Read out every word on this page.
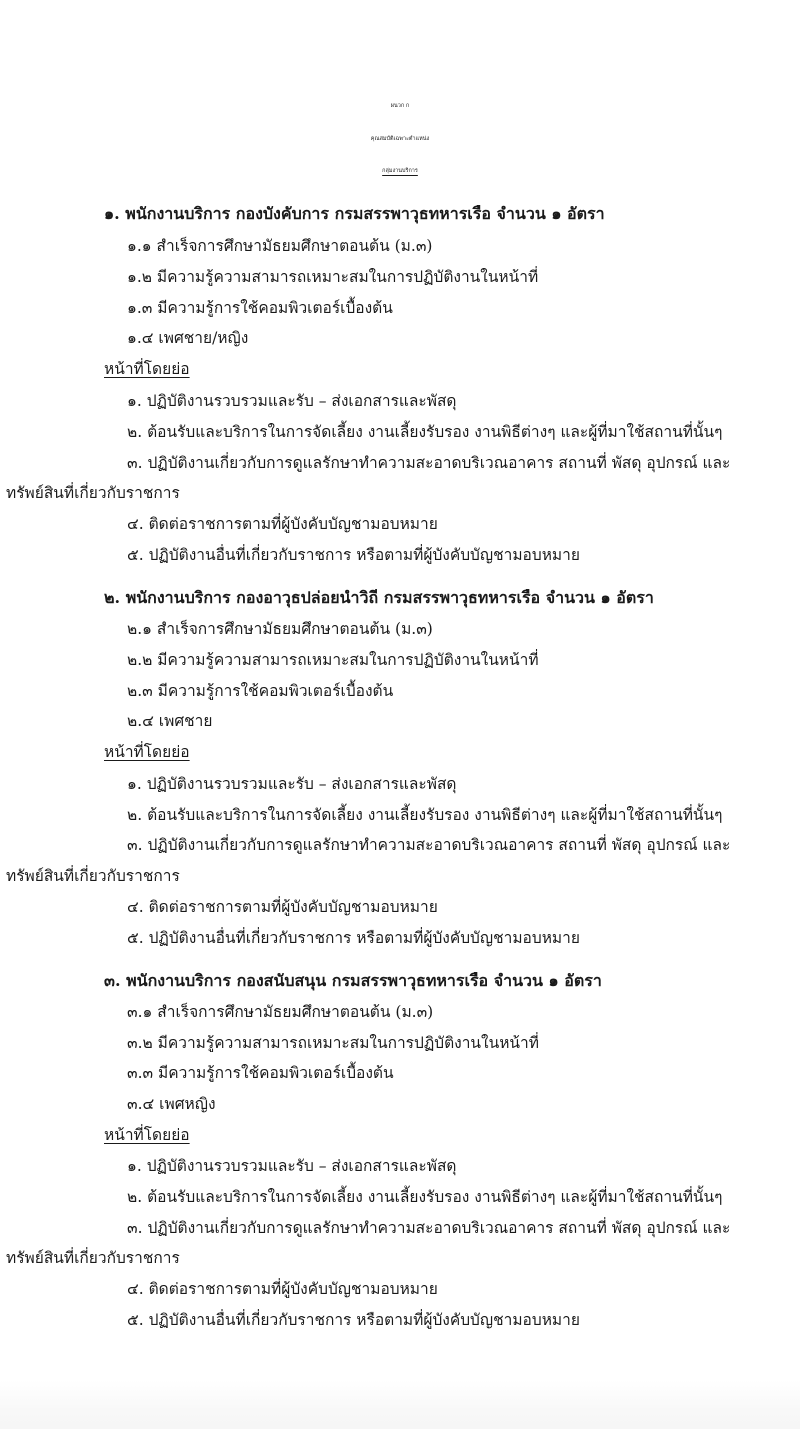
ผนวก ก
คุณสมบัติเฉพาะตำแหน่ง
กลุ่มงานบริการ
๑. พนักงานบริการ กองบังคับการ กรมสรรพาวุธทหารเรือ จำนวน ๑ อัตรา
๑.๑ สำเร็จการศึกษามัธยมศึกษาตอนต้น (ม.๓)
๑.๒ มีความรู้ความสามารถเหมาะสมในการปฏิบัติงานในหน้าที่
๑.๓ มีความรู้การใช้คอมพิวเตอร์เบื้องต้น
๑.๔ เพศชาย/หญิง
หน้าที่โดยย่อ
๑. ปฏิบัติงานรวบรวมและรับ – ส่งเอกสารและพัสดุ
๒. ต้อนรับและบริการในการจัดเลี้ยง งานเลี้ยงรับรอง งานพิธีต่างๆ และผู้ที่มาใช้สถานที่นั้นๆ
๓. ปฏิบัติงานเกี่ยวกับการดูแลรักษาทำความสะอาดบริเวณอาคาร สถานที่ พัสดุ อุปกรณ์ และ
ทรัพย์สินที่เกี่ยวกับราชการ
๔. ติดต่อราชการตามที่ผู้บังคับบัญชามอบหมาย
๕. ปฏิบัติงานอื่นที่เกี่ยวกับราชการ หรือตามที่ผู้บังคับบัญชามอบหมาย
๒. พนักงานบริการ กองอาวุธปล่อยนำวิถี กรมสรรพาวุธทหารเรือ จำนวน ๑ อัตรา
๒.๑ สำเร็จการศึกษามัธยมศึกษาตอนต้น (ม.๓)
๒.๒ มีความรู้ความสามารถเหมาะสมในการปฏิบัติงานในหน้าที่
๒.๓ มีความรู้การใช้คอมพิวเตอร์เบื้องต้น
๒.๔ เพศชาย
หน้าที่โดยย่อ
๑. ปฏิบัติงานรวบรวมและรับ – ส่งเอกสารและพัสดุ
๒. ต้อนรับและบริการในการจัดเลี้ยง งานเลี้ยงรับรอง งานพิธีต่างๆ และผู้ที่มาใช้สถานที่นั้นๆ
๓. ปฏิบัติงานเกี่ยวกับการดูแลรักษาทำความสะอาดบริเวณอาคาร สถานที่ พัสดุ อุปกรณ์ และ
ทรัพย์สินที่เกี่ยวกับราชการ
๔. ติดต่อราชการตามที่ผู้บังคับบัญชามอบหมาย
๕. ปฏิบัติงานอื่นที่เกี่ยวกับราชการ หรือตามที่ผู้บังคับบัญชามอบหมาย
๓. พนักงานบริการ กองสนับสนุน กรมสรรพาวุธทหารเรือ จำนวน ๑ อัตรา
๓.๑ สำเร็จการศึกษามัธยมศึกษาตอนต้น (ม.๓)
๓.๒ มีความรู้ความสามารถเหมาะสมในการปฏิบัติงานในหน้าที่
๓.๓ มีความรู้การใช้คอมพิวเตอร์เบื้องต้น
๓.๔ เพศหญิง
หน้าที่โดยย่อ
๑. ปฏิบัติงานรวบรวมและรับ – ส่งเอกสารและพัสดุ
๒. ต้อนรับและบริการในการจัดเลี้ยง งานเลี้ยงรับรอง งานพิธีต่างๆ และผู้ที่มาใช้สถานที่นั้นๆ
๓. ปฏิบัติงานเกี่ยวกับการดูแลรักษาทำความสะอาดบริเวณอาคาร สถานที่ พัสดุ อุปกรณ์ และ
ทรัพย์สินที่เกี่ยวกับราชการ
๔. ติดต่อราชการตามที่ผู้บังคับบัญชามอบหมาย
๕. ปฏิบัติงานอื่นที่เกี่ยวกับราชการ หรือตามที่ผู้บังคับบัญชามอบหมาย
